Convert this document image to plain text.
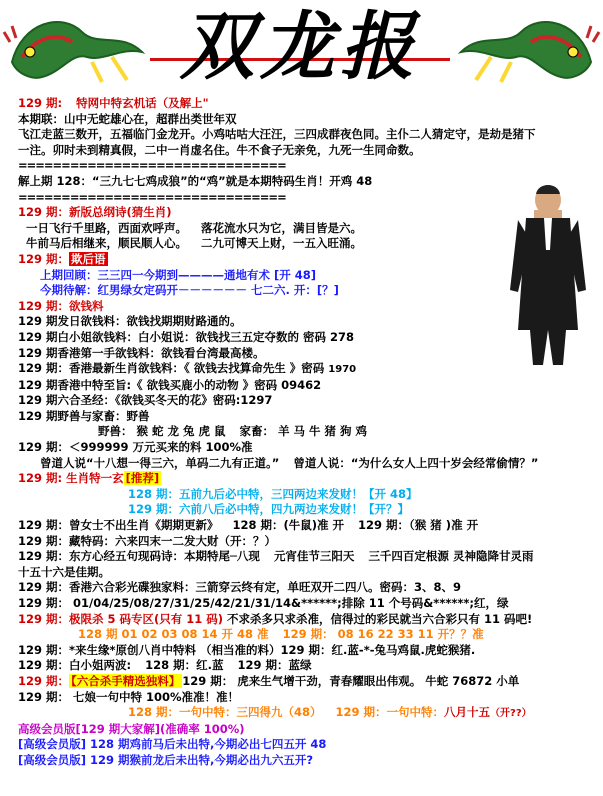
双龙报
129 期: 特网中特玄机话（及解上"
本期联：山中无蛇雄心在，超群出类世年双
飞江走蓝三数开，五福临门金龙开。小鸡咕咕大汪汪，三四成群夜色同。主仆二人猜定守，是劫是猪下
一注。卯时未到精真假，二中一肖虚名住。牛不食子无亲免，九死一生同命数。
===============================
解上期 128：“三九七七鸡成狼”的“鸡”就是本期特码生肖！开鸡 48
===============================
129 期：新版总纲诗(猜生肖)
一日飞行千里路，西面欢呼声。 落花流水只为它，满目皆是六。
牛前马后相继来，顺民顺人心。 二九可博天上财，一五入旺涌。
129 期： 欺后语
上期回顾：三三四一今期到————通地有术 [开 48]
今期待解：红男绿女定码开－－－－－－ 七二六. 开：[？]
129 期：欲钱料
129 期发日欲钱料：欲钱找期期财路通的。
129 期白小姐欲钱料：白小姐说：欲钱找三五定夺数的 密码 278
129 期香港第一手欲钱料：欲钱看台湾最高楼。
129 期：香港最新生肖欲钱料：《 欲钱去找算命先生 》密码 1970
129 期香港中特至旨:《 欲钱买鹿小的动物 》密码 09462
129 期六合圣经：《欲钱买冬天的花》密码:1297
129 期野兽与家畜：野兽
野兽： 猴 蛇 龙 兔 虎 鼠 家畜： 羊 马 牛 猪 狗 鸡
129 期：＜999999 万元买来的料 100%准
曾道人说“十八想一得三六，单码二九有正道。” 曾道人说：“为什么女人上四十岁会经常偷情？”
129 期: 生肖特一玄 [推荐]
128 期：五前九后必中特，三四两边来发财！【开 48】
129 期：六前八后必中特，四九两边来发财！【开？】
129 期：曾女士不出生肖《期期更新》 128 期：(牛鼠)准 开 129 期：（猴 猪 )准 开
129 期：藏特码：六来四末一二发大财（开：？）
129 期：东方心经五句现码诗：本期特尾─八现 元宵佳节三阳天 三千四百定根源 灵神隐降甘灵雨
十五十六是佳期。
129 期：香港六合彩光碟独家料：三箭穿云终有定，单旺双开二四八。密码：3、8、9
129 期： 01/04/25/08/27/31/25/42/21/31/14&******;排除 11 个号码&******;红，绿
129 期：极限杀 5 码专区(只有 11 码) 不求杀多只求杀准，信得过的彩民就当六合彩只有 11 码吧!
128 期 01 02 03 08 14 开 48 准 129 期： 08 16 22 33 11 开？？准
129 期：*来生缘*原创八肖中特料 （相当准的料）129 期：红.蓝-*-兔马鸡鼠.虎蛇猴猪.
129 期：白小姐两波: 128 期：红.蓝 129 期：蓝绿
129 期： 【六合杀手精选独料】 129 期： 虎来生气增干劲，青春耀眼出伟观。 牛蛇 76872 小单
129 期： 七娘一句中特 100%准准！准！
128 期：一句中特：三四得九（48） 129 期：一句中特：八月十五（开??）
高级会员版[129 期大家解](准确率 100%)
[高级会员版] 128 期鸡前马后未出特,今期必出七四五开 48
[高级会员版] 129 期猴前龙后未出特,今期必出九六五开?
